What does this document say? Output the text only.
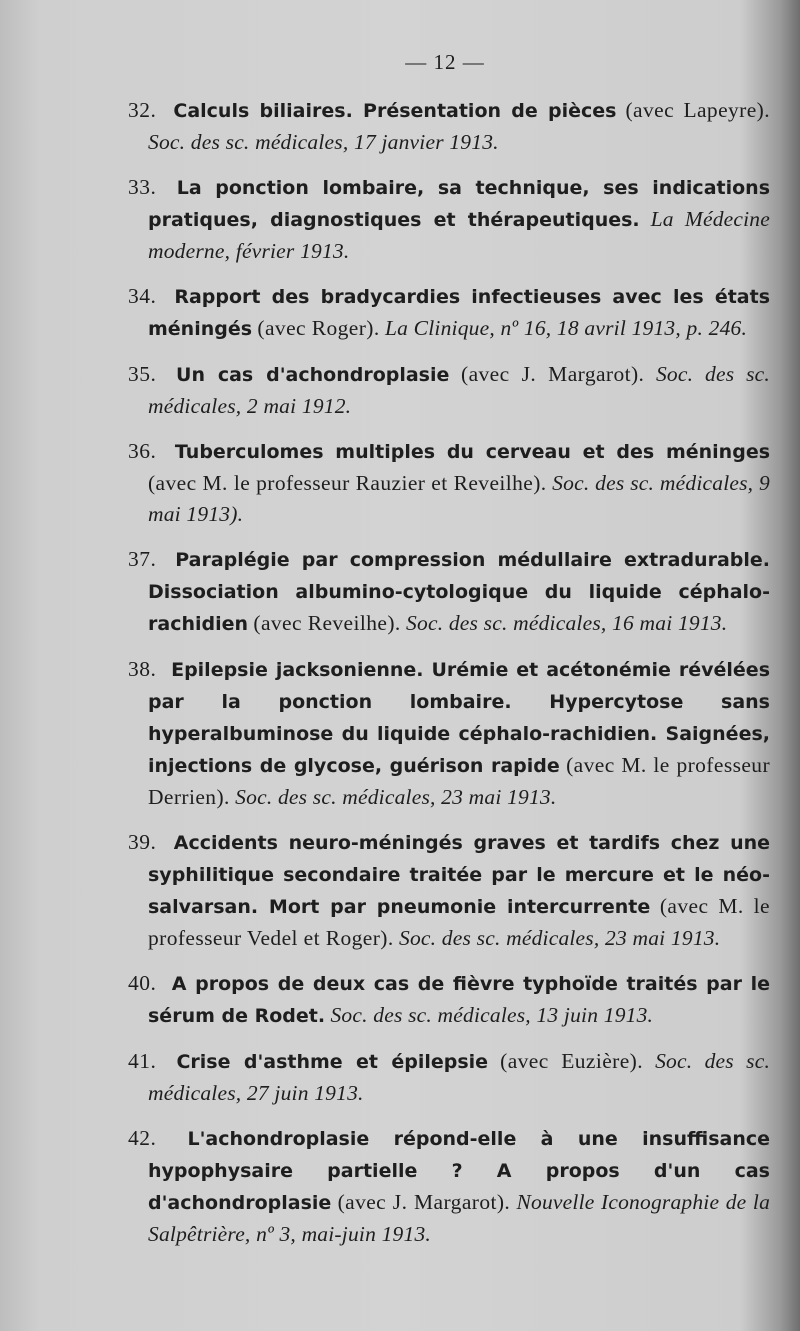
— 12 —

32. Calculs biliaires. Présentation de pièces (avec Lapeyre). Soc. des sc. médicales, 17 janvier 1913.

33. La ponction lombaire, sa technique, ses indications pratiques, diagnostiques et thérapeutiques. La Médecine moderne, février 1913.

34. Rapport des bradycardies infectieuses avec les états méningés (avec Roger). La Clinique, nº 16, 18 avril 1913, p. 246.

35. Un cas d'achondroplasie (avec J. Margarot). Soc. des sc. médicales, 2 mai 1912.

36. Tuberculomes multiples du cerveau et des méninges (avec M. le professeur Rauzier et Reveilhe). Soc. des sc. médicales, 9 mai 1913).

37. Paraplégie par compression médullaire extradurable. Dissociation albumino-cytologique du liquide céphalo-rachidien (avec Reveilhe). Soc. des sc. médicales, 16 mai 1913.

38. Epilepsie jacksonienne. Urémie et acétonémie révélées par la ponction lombaire. Hypercytose sans hyperalbuminose du liquide céphalo-rachidien. Saignées, injections de glycose, guérison rapide (avec M. le professeur Derrien). Soc. des sc. médicales, 23 mai 1913.

39. Accidents neuro-méningés graves et tardifs chez une syphilitique secondaire traitée par le mercure et le néo-salvarsan. Mort par pneumonie intercurrente (avec M. le professeur Vedel et Roger). Soc. des sc. médicales, 23 mai 1913.

40. A propos de deux cas de fièvre typhoïde traités par le sérum de Rodet. Soc. des sc. médicales, 13 juin 1913.

41. Crise d'asthme et épilepsie (avec Euzière). Soc. des sc. médicales, 27 juin 1913.

42. L'achondroplasie répond-elle à une insuffisance hypophysaire partielle ? A propos d'un cas d'achondroplasie (avec J. Margarot). Nouvelle Iconographie de la Salpêtrière, nº 3, mai-juin 1913.
